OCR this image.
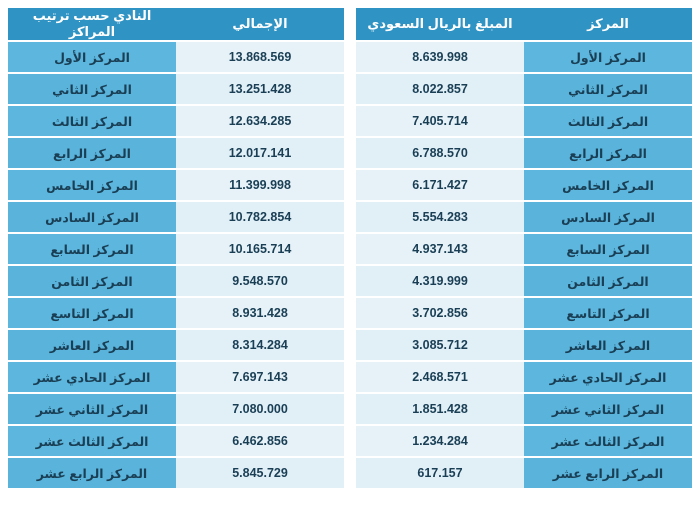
المركز	المبلغ بالريال السعودي
المركز الأول	8.639.998
المركز الثاني	8.022.857
المركز الثالث	7.405.714
المركز الرابع	6.788.570
المركز الخامس	6.171.427
المركز السادس	5.554.283
المركز السابع	4.937.143
المركز الثامن	4.319.999
المركز التاسع	3.702.856
المركز العاشر	3.085.712
المركز الحادي عشر	2.468.571
المركز الثاني عشر	1.851.428
المركز الثالث عشر	1.234.284
المركز الرابع عشر	617.157
الإجمالي	النادي حسب ترتيب المراكز
13.868.569	المركز الأول
13.251.428	المركز الثاني
12.634.285	المركز الثالث
12.017.141	المركز الرابع
11.399.998	المركز الخامس
10.782.854	المركز السادس
10.165.714	المركز السابع
9.548.570	المركز الثامن
8.931.428	المركز التاسع
8.314.284	المركز العاشر
7.697.143	المركز الحادي عشر
7.080.000	المركز الثاني عشر
6.462.856	المركز الثالث عشر
5.845.729	المركز الرابع عشر
